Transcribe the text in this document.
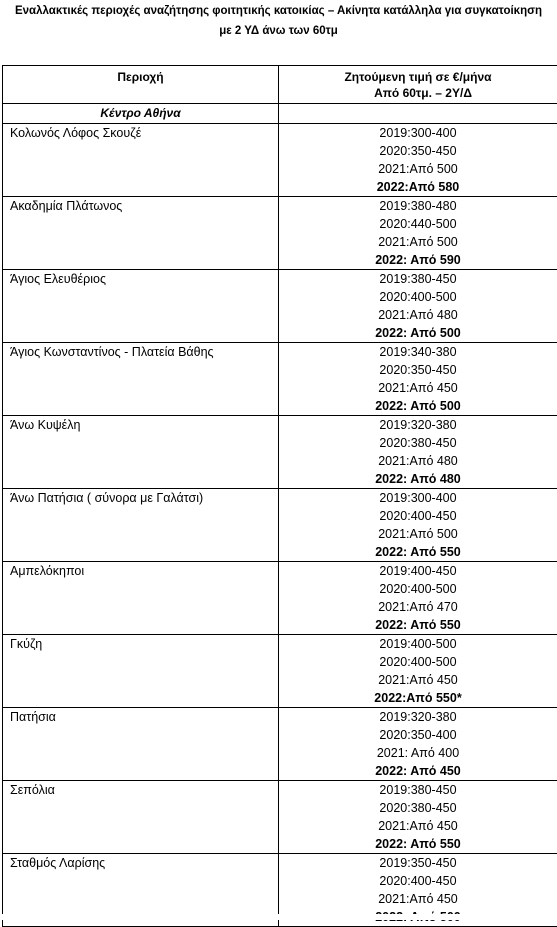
Εναλλακτικές περιοχές αναζήτησης φοιτητικής κατοικίας – Ακίνητα κατάλληλα για συγκατοίκηση
με 2 ΥΔ άνω των 60τμ
Περιοχή	Ζητούμενη τιμή σε €/μήνα
Από 60τμ. – 2Υ/Δ

Κέντρο Αθήνα	
Κολωνός Λόφος Σκουζέ	2019:300-400
2020:350-450
2021:Από 500
2022:Από 580

Ακαδημία Πλάτωνος	2019:380-480
2020:440-500
2021:Από 500
2022: Από 590

Άγιος Ελευθέριος	2019:380-450
2020:400-500
2021:Από 480
2022: Από 500

Άγιος Κωνσταντίνος - Πλατεία Βάθης	2019:340-380
2020:350-450
2021:Από 450
2022: Από 500

Άνω Κυψέλη	2019:320-380
2020:380-450
2021:Από 480
2022: Από 480

Άνω Πατήσια ( σύνορα με Γαλάτσι)	2019:300-400
2020:400-450
2021:Από 500
2022: Από 550

Αμπελόκηποι	2019:400-450
2020:400-500
2021:Από 470
2022: Από 550

Γκύζη	2019:400-500
2020:400-500
2021:Από 450
2022:Από 550*

Πατήσια	2019:320-380
2020:350-400
2021: Από 400
2022: Από 450

Σεπόλια	2019:380-450
2020:380-450
2021:Από 450
2022: Από 550

Σταθμός Λαρίσης	2019:350-450
2020:400-450
2021:Από 450
